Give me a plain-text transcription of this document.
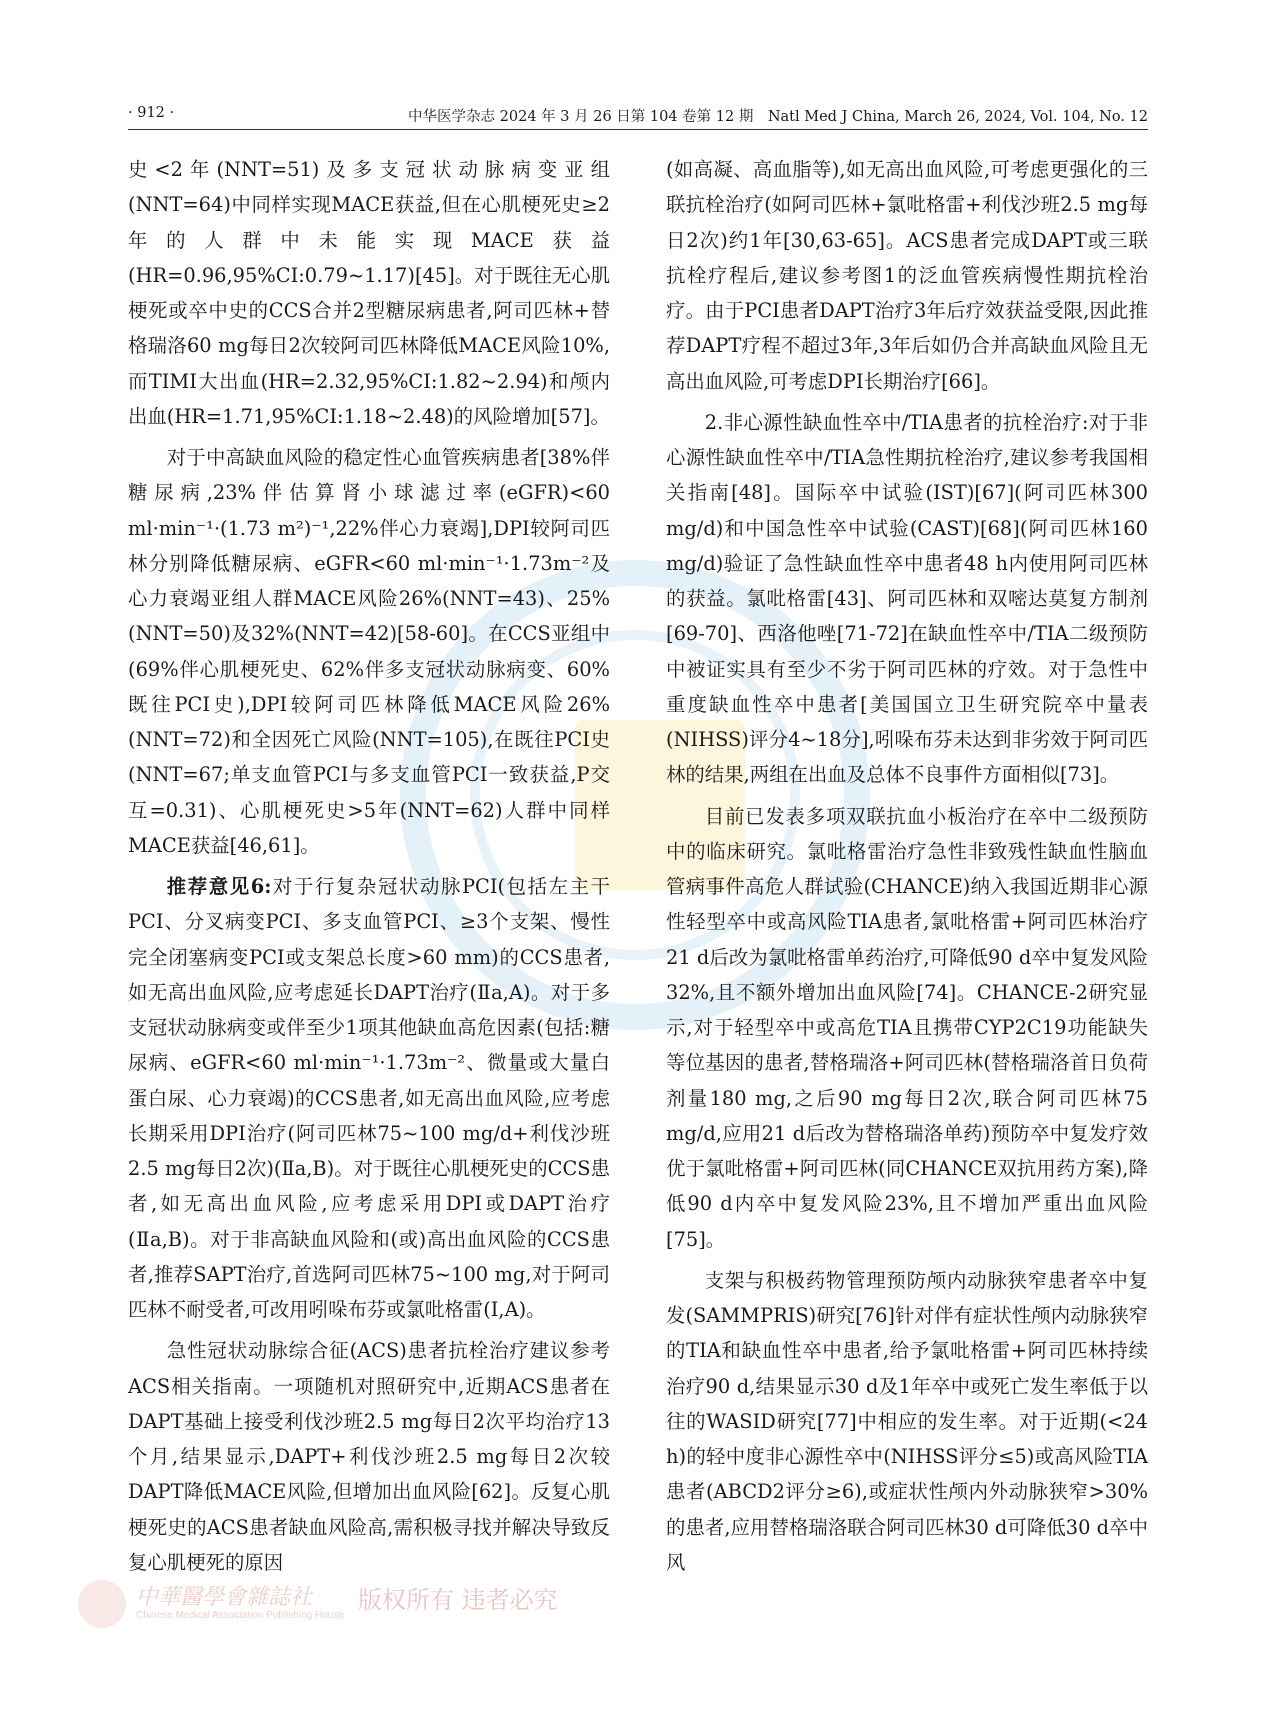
· 912 ·	中华医学杂志 2024 年 3 月 26 日第 104 卷第 12 期　Natl Med J China, March 26, 2024, Vol. 104, No. 12

史<2年(NNT=51)及多支冠状动脉病变亚组(NNT=64)中同样实现MACE获益,但在心肌梗死史≥2年的人群中未能实现MACE获益(HR=0.96,95%CI:0.79~1.17)[45]。对于既往无心肌梗死或卒中史的CCS合并2型糖尿病患者,阿司匹林+替格瑞洛60 mg每日2次较阿司匹林降低MACE风险10%,而TIMI大出血(HR=2.32,95%CI:1.82~2.94)和颅内出血(HR=1.71,95%CI:1.18~2.48)的风险增加[57]。

对于中高缺血风险的稳定性心血管疾病患者[38%伴糖尿病,23%伴估算肾小球滤过率(eGFR)<60 ml·min⁻¹·(1.73 m²)⁻¹,22%伴心力衰竭],DPI较阿司匹林分别降低糖尿病、eGFR<60 ml·min⁻¹·1.73m⁻²及心力衰竭亚组人群MACE风险26%(NNT=43)、25%(NNT=50)及32%(NNT=42)[58-60]。在CCS亚组中(69%伴心肌梗死史、62%伴多支冠状动脉病变、60%既往PCI史),DPI较阿司匹林降低MACE风险26%(NNT=72)和全因死亡风险(NNT=105),在既往PCI史(NNT=67;单支血管PCI与多支血管PCI一致获益,P交互=0.31)、心肌梗死史>5年(NNT=62)人群中同样MACE获益[46,61]。

推荐意见6:对于行复杂冠状动脉PCI(包括左主干PCI、分叉病变PCI、多支血管PCI、≥3个支架、慢性完全闭塞病变PCI或支架总长度>60 mm)的CCS患者,如无高出血风险,应考虑延长DAPT治疗(Ⅱa,A)。对于多支冠状动脉病变或伴至少1项其他缺血高危因素(包括:糖尿病、eGFR<60 ml·min⁻¹·1.73m⁻²、微量或大量白蛋白尿、心力衰竭)的CCS患者,如无高出血风险,应考虑长期采用DPI治疗(阿司匹林75~100 mg/d+利伐沙班2.5 mg每日2次)(Ⅱa,B)。对于既往心肌梗死史的CCS患者,如无高出血风险,应考虑采用DPI或DAPT治疗(Ⅱa,B)。对于非高缺血风险和(或)高出血风险的CCS患者,推荐SAPT治疗,首选阿司匹林75~100 mg,对于阿司匹林不耐受者,可改用吲哚布芬或氯吡格雷(Ⅰ,A)。

急性冠状动脉综合征(ACS)患者抗栓治疗建议参考ACS相关指南。一项随机对照研究中,近期ACS患者在DAPT基础上接受利伐沙班2.5 mg每日2次平均治疗13个月,结果显示,DAPT+利伐沙班2.5 mg每日2次较DAPT降低MACE风险,但增加出血风险[62]。反复心肌梗死史的ACS患者缺血风险高,需积极寻找并解决导致反复心肌梗死的原因

(如高凝、高血脂等),如无高出血风险,可考虑更强化的三联抗栓治疗(如阿司匹林+氯吡格雷+利伐沙班2.5 mg每日2次)约1年[30,63-65]。ACS患者完成DAPT或三联抗栓疗程后,建议参考图1的泛血管疾病慢性期抗栓治疗。由于PCI患者DAPT治疗3年后疗效获益受限,因此推荐DAPT疗程不超过3年,3年后如仍合并高缺血风险且无高出血风险,可考虑DPI长期治疗[66]。

2.非心源性缺血性卒中/TIA患者的抗栓治疗:对于非心源性缺血性卒中/TIA急性期抗栓治疗,建议参考我国相关指南[48]。国际卒中试验(IST)[67](阿司匹林300 mg/d)和中国急性卒中试验(CAST)[68](阿司匹林160 mg/d)验证了急性缺血性卒中患者48 h内使用阿司匹林的获益。氯吡格雷[43]、阿司匹林和双嘧达莫复方制剂[69-70]、西洛他唑[71-72]在缺血性卒中/TIA二级预防中被证实具有至少不劣于阿司匹林的疗效。对于急性中重度缺血性卒中患者[美国国立卫生研究院卒中量表(NIHSS)评分4~18分],吲哚布芬未达到非劣效于阿司匹林的结果,两组在出血及总体不良事件方面相似[73]。

目前已发表多项双联抗血小板治疗在卒中二级预防中的临床研究。氯吡格雷治疗急性非致残性缺血性脑血管病事件高危人群试验(CHANCE)纳入我国近期非心源性轻型卒中或高风险TIA患者,氯吡格雷+阿司匹林治疗21 d后改为氯吡格雷单药治疗,可降低90 d卒中复发风险32%,且不额外增加出血风险[74]。CHANCE-2研究显示,对于轻型卒中或高危TIA且携带CYP2C19功能缺失等位基因的患者,替格瑞洛+阿司匹林(替格瑞洛首日负荷剂量180 mg,之后90 mg每日2次,联合阿司匹林75 mg/d,应用21 d后改为替格瑞洛单药)预防卒中复发疗效优于氯吡格雷+阿司匹林(同CHANCE双抗用药方案),降低90 d内卒中复发风险23%,且不增加严重出血风险[75]。

支架与积极药物管理预防颅内动脉狭窄患者卒中复发(SAMMPRIS)研究[76]针对伴有症状性颅内动脉狭窄的TIA和缺血性卒中患者,给予氯吡格雷+阿司匹林持续治疗90 d,结果显示30 d及1年卒中或死亡发生率低于以往的WASID研究[77]中相应的发生率。对于近期(<24 h)的轻中度非心源性卒中(NIHSS评分≤5)或高风险TIA患者(ABCD2评分≥6),或症状性颅内外动脉狭窄>30%的患者,应用替格瑞洛联合阿司匹林30 d可降低30 d卒中风

中華醫學會雜誌社
Chinese Medical Association Publishing House
版权所有 违者必究
